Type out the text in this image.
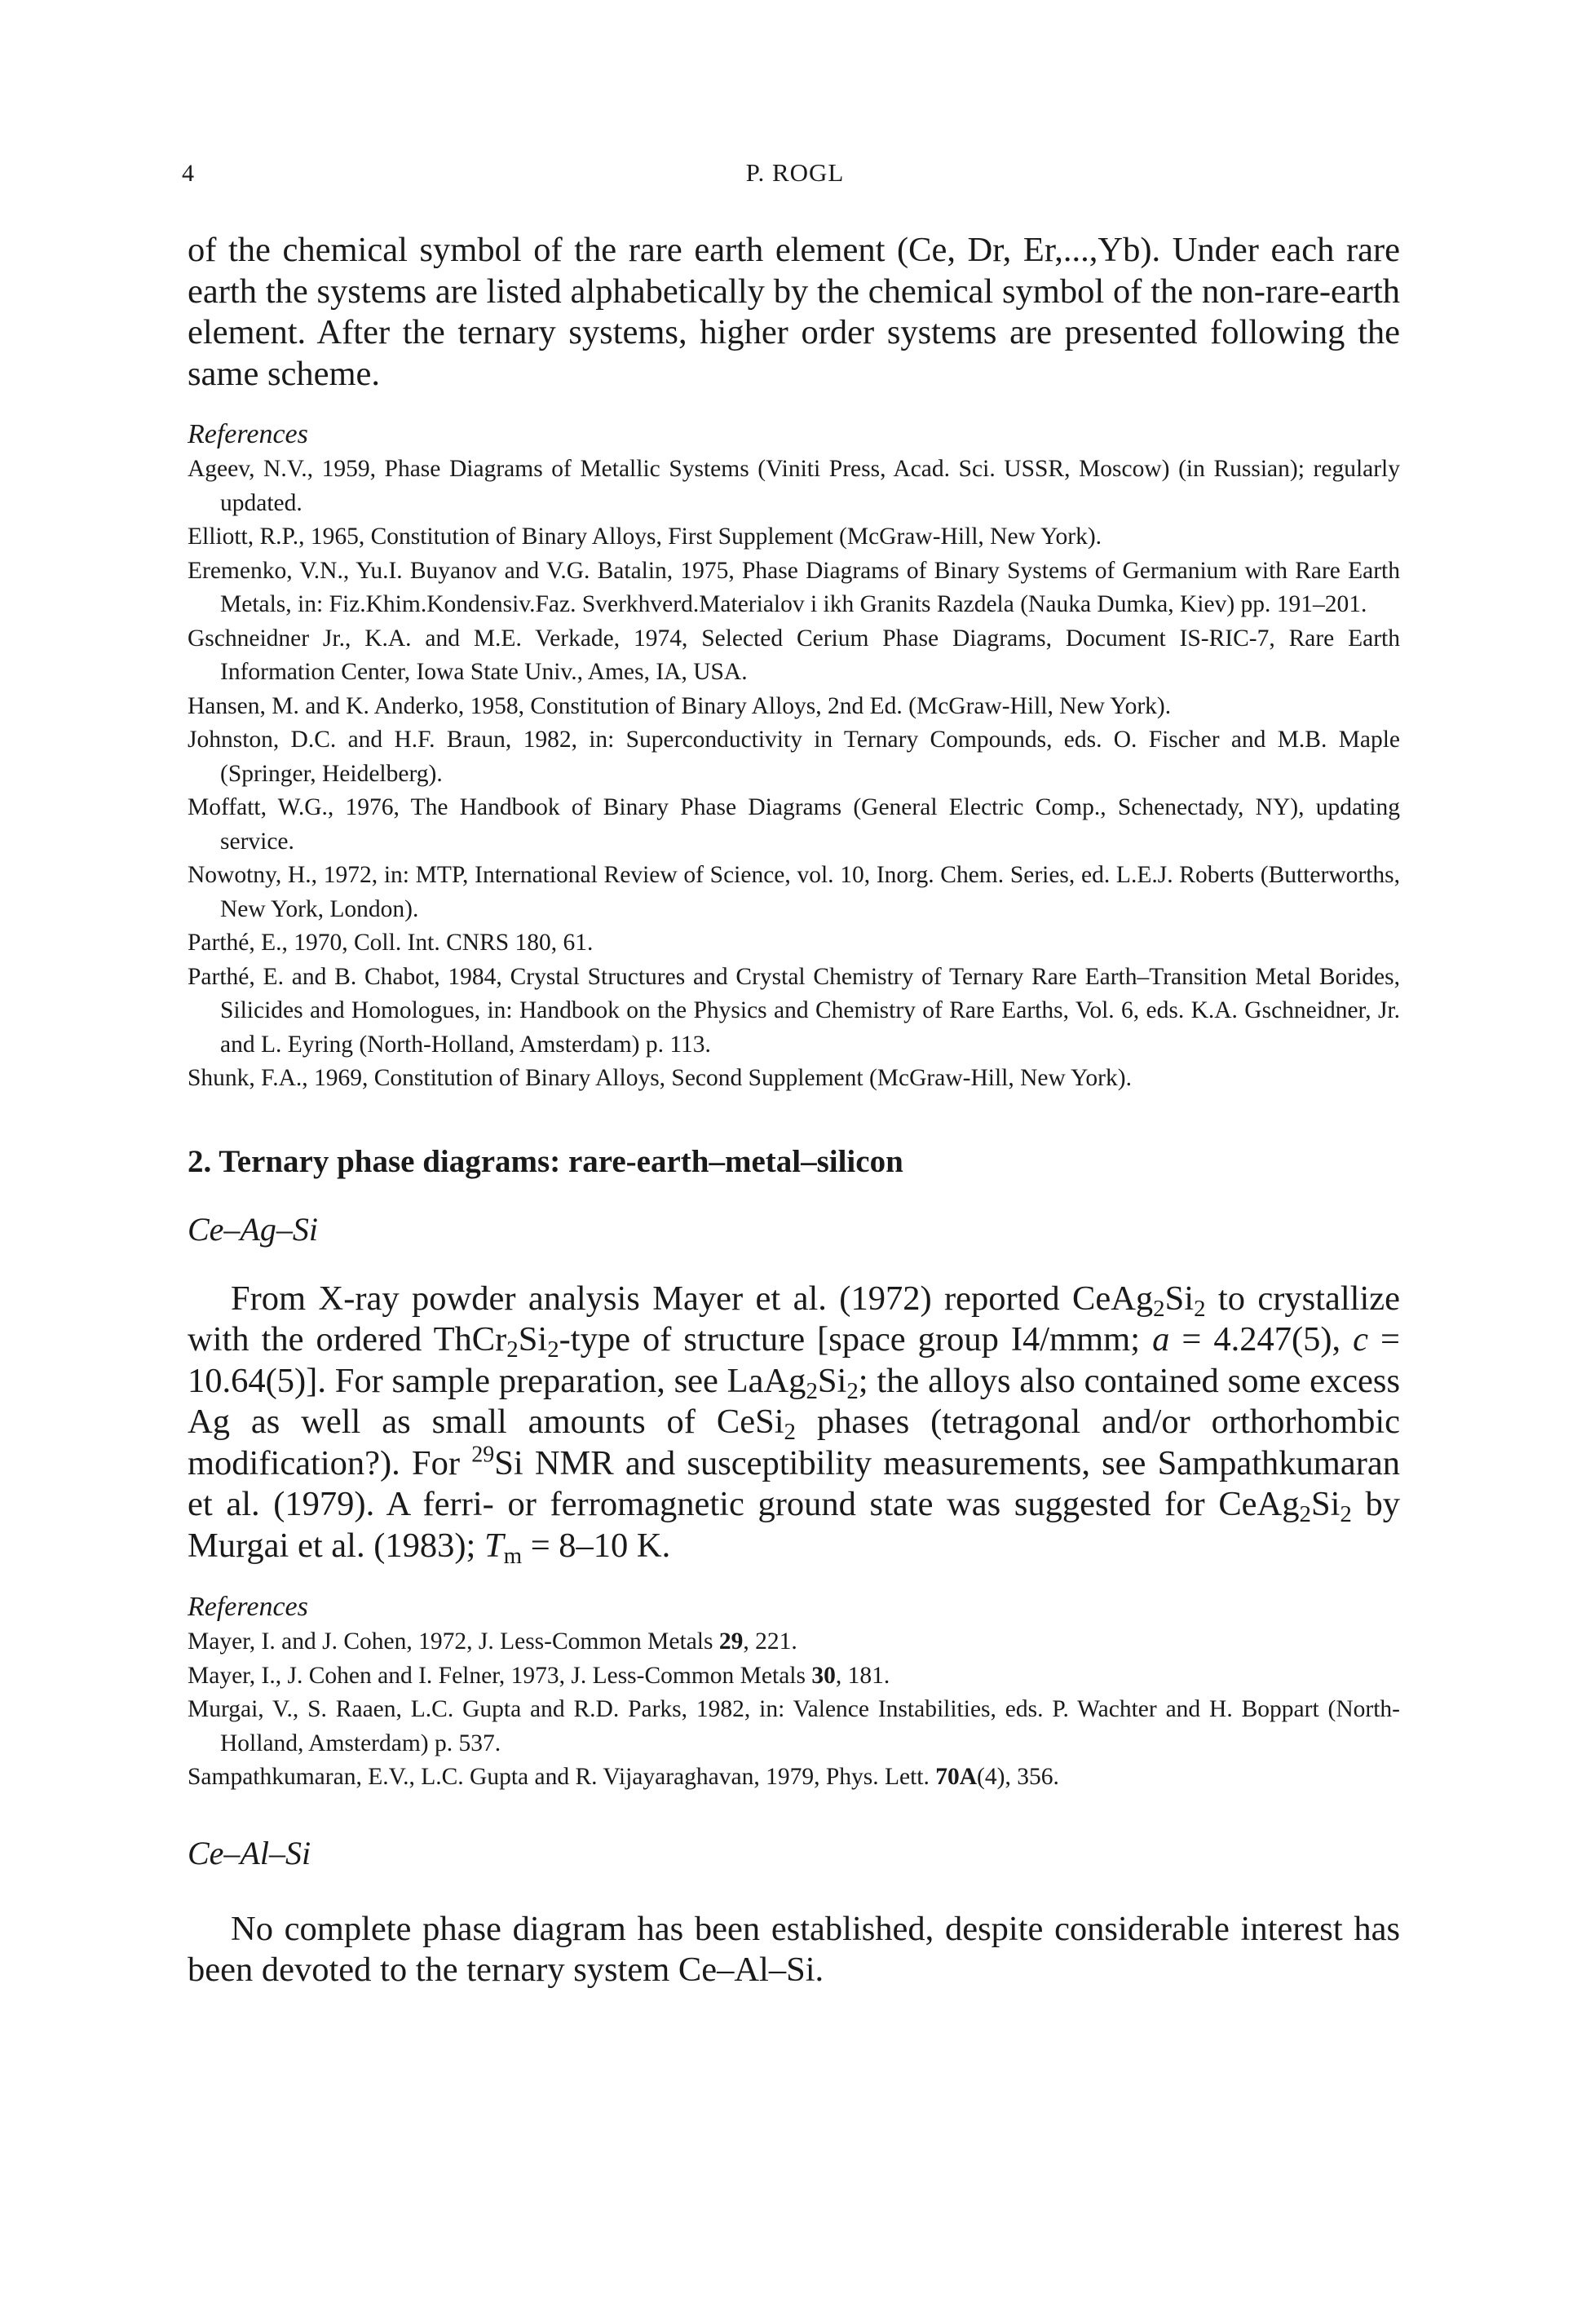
4	P. ROGL

of the chemical symbol of the rare earth element (Ce, Dr, Er,...,Yb). Under each rare earth the systems are listed alphabetically by the chemical symbol of the non-rare-earth element. After the ternary systems, higher order systems are presented following the same scheme.

References

Ageev, N.V., 1959, Phase Diagrams of Metallic Systems (Viniti Press, Acad. Sci. USSR, Moscow) (in Russian); regularly updated.
Elliott, R.P., 1965, Constitution of Binary Alloys, First Supplement (McGraw-Hill, New York).
Eremenko, V.N., Yu.I. Buyanov and V.G. Batalin, 1975, Phase Diagrams of Binary Systems of Germanium with Rare Earth Metals, in: Fiz.Khim.Kondensiv.Faz. Sverkhverd.Materialov i ikh Granits Razdela (Nauka Dumka, Kiev) pp. 191–201.
Gschneidner Jr., K.A. and M.E. Verkade, 1974, Selected Cerium Phase Diagrams, Document IS-RIC-7, Rare Earth Information Center, Iowa State Univ., Ames, IA, USA.
Hansen, M. and K. Anderko, 1958, Constitution of Binary Alloys, 2nd Ed. (McGraw-Hill, New York).
Johnston, D.C. and H.F. Braun, 1982, in: Superconductivity in Ternary Compounds, eds. O. Fischer and M.B. Maple (Springer, Heidelberg).
Moffatt, W.G., 1976, The Handbook of Binary Phase Diagrams (General Electric Comp., Schenectady, NY), updating service.
Nowotny, H., 1972, in: MTP, International Review of Science, vol. 10, Inorg. Chem. Series, ed. L.E.J. Roberts (Butterworths, New York, London).
Parthé, E., 1970, Coll. Int. CNRS 180, 61.
Parthé, E. and B. Chabot, 1984, Crystal Structures and Crystal Chemistry of Ternary Rare Earth–Transition Metal Borides, Silicides and Homologues, in: Handbook on the Physics and Chemistry of Rare Earths, Vol. 6, eds. K.A. Gschneidner, Jr. and L. Eyring (North-Holland, Amsterdam) p. 113.
Shunk, F.A., 1969, Constitution of Binary Alloys, Second Supplement (McGraw-Hill, New York).

2. Ternary phase diagrams: rare-earth–metal–silicon

Ce–Ag–Si

From X-ray powder analysis Mayer et al. (1972) reported $CeAg_2Si_2$ to crystallize with the ordered $ThCr_2Si_2$-type of structure [space group I4/mmm; a = 4.247(5), c = 10.64(5)]. For sample preparation, see $LaAg_2Si_2$; the alloys also contained some excess Ag as well as small amounts of CeSi$_2$ phases (tetragonal and/or orthorhombic modification?). For $^{29}$Si NMR and susceptibility measurements, see Sampathkumaran et al. (1979). A ferri- or ferromagnetic ground state was suggested for $CeAg_2Si_2$ by Murgai et al. (1983); $T_m = 8-10$ K.

References

Mayer, I. and J. Cohen, 1972, J. Less-Common Metals 29, 221.
Mayer, I., J. Cohen and I. Felner, 1973, J. Less-Common Metals 30, 181.
Murgai, V., S. Raaen, L.C. Gupta and R.D. Parks, 1982, in: Valence Instabilities, eds. P. Wachter and H. Boppart (North-Holland, Amsterdam) p. 537.
Sampathkumaran, E.V., L.C. Gupta and R. Vijayaraghavan, 1979, Phys. Lett. 70A(4), 356.

Ce–Al–Si

No complete phase diagram has been established, despite considerable interest has been devoted to the ternary system Ce–Al–Si.
